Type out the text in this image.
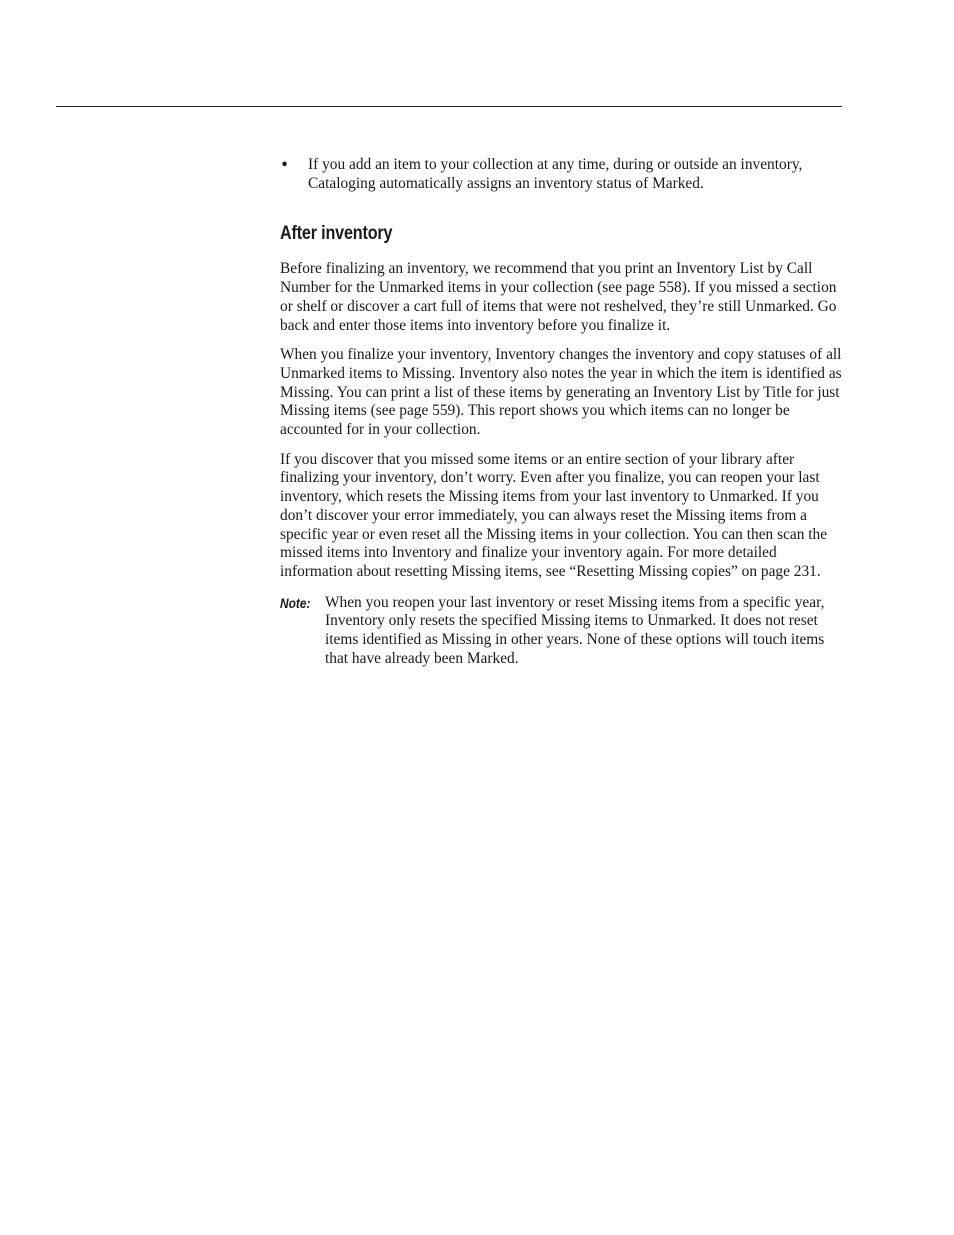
• If you add an item to your collection at any time, during or outside an inventory, Cataloging automatically assigns an inventory status of Marked.

After inventory

Before finalizing an inventory, we recommend that you print an Inventory List by Call Number for the Unmarked items in your collection (see page 558). If you missed a section or shelf or discover a cart full of items that were not reshelved, they’re still Unmarked. Go back and enter those items into inventory before you finalize it.

When you finalize your inventory, Inventory changes the inventory and copy statuses of all Unmarked items to Missing. Inventory also notes the year in which the item is identified as Missing. You can print a list of these items by generating an Inventory List by Title for just Missing items (see page 559). This report shows you which items can no longer be accounted for in your collection.

If you discover that you missed some items or an entire section of your library after finalizing your inventory, don’t worry. Even after you finalize, you can reopen your last inventory, which resets the Missing items from your last inventory to Unmarked. If you don’t discover your error immediately, you can always reset the Missing items from a specific year or even reset all the Missing items in your collection. You can then scan the missed items into Inventory and finalize your inventory again. For more detailed information about resetting Missing items, see “Resetting Missing copies” on page 231.

Note: When you reopen your last inventory or reset Missing items from a specific year, Inventory only resets the specified Missing items to Unmarked. It does not reset items identified as Missing in other years. None of these options will touch items that have already been Marked.
